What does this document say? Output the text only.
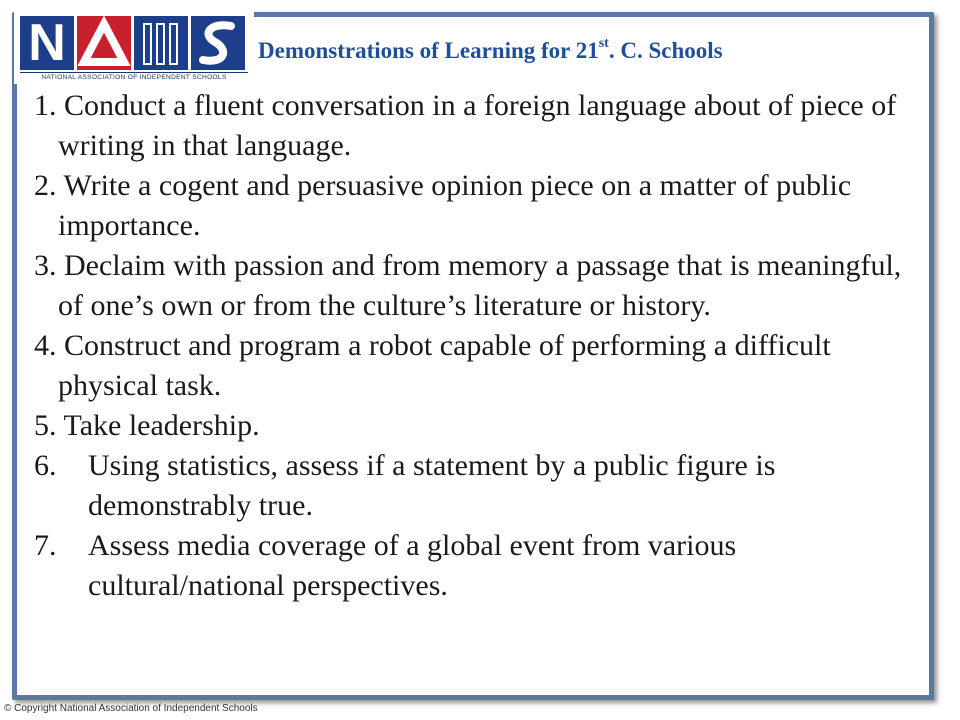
N
NATIONAL ASSOCIATION OF INDEPENDENT SCHOOLS
Demonstrations of Learning for 21st. C. Schools
1. Conduct a fluent conversation in a foreign language about of piece of writing in that language.
2. Write a cogent and persuasive opinion piece on a matter of public importance.
3. Declaim with passion and from memory a passage that is meaningful, of one’s own or from the culture’s literature or history.
4. Construct and program a robot capable of performing a difficult physical task.
5. Take leadership.
6. Using statistics, assess if a statement by a public figure is demonstrably true.
7. Assess media coverage of a global event from various cultural/national perspectives.
© Copyright National Association of Independent Schools
